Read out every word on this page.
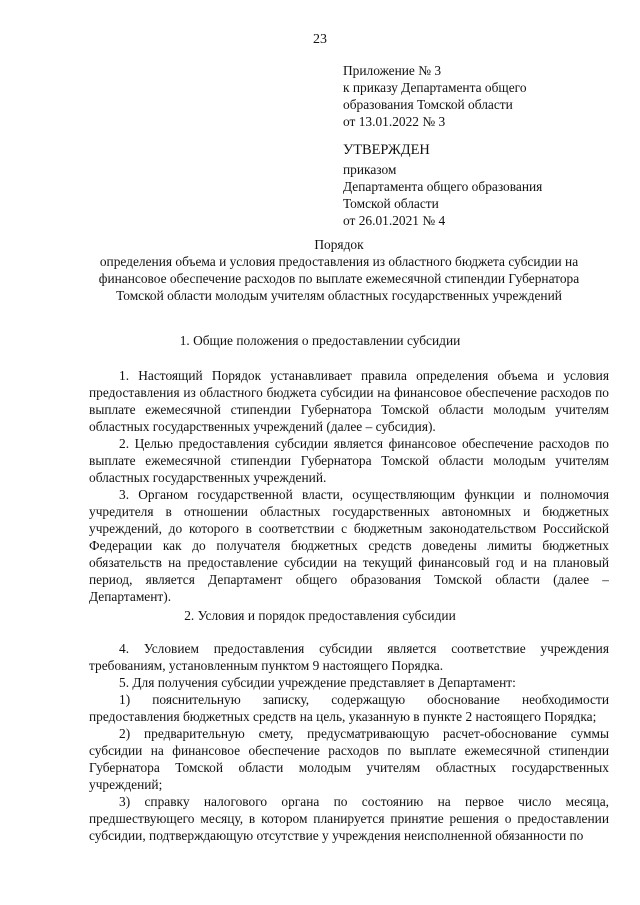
23

Приложение № 3

к приказу Департамента общего

образования Томской области

от 13.01.2022 № 3

УТВЕРЖДЕН

приказом

Департамента общего образования

Томской области

от 26.01.2021 № 4

Порядок

определения объема и условия предоставления из областного бюджета субсидии на

финансовое обеспечение расходов по выплате ежемесячной стипендии Губернатора

Томской области молодым учителям областных государственных учреждений

1. Общие положения о предоставлении субсидии

1. Настоящий Порядок устанавливает правила определения объема и условия предоставления из областного бюджета субсидии на финансовое обеспечение расходов по выплате ежемесячной стипендии Губернатора Томской области молодым учителям областных государственных учреждений (далее – субсидия).

2. Целью предоставления субсидии является финансовое обеспечение расходов по выплате ежемесячной стипендии Губернатора Томской области молодым учителям областных государственных учреждений.

3. Органом государственной власти, осуществляющим функции и полномочия учредителя в отношении областных государственных автономных и бюджетных учреждений, до которого в соответствии с бюджетным законодательством Российской Федерации как до получателя бюджетных средств доведены лимиты бюджетных обязательств на предоставление субсидии на текущий финансовый год и на плановый период, является Департамент общего образования Томской области (далее – Департамент).

2. Условия и порядок предоставления субсидии

4. Условием предоставления субсидии является соответствие учреждения требованиям, установленным пунктом 9 настоящего Порядка.

5. Для получения субсидии учреждение представляет в Департамент:

1) пояснительную записку, содержащую обоснование необходимости предоставления бюджетных средств на цель, указанную в пункте 2 настоящего Порядка;

2) предварительную смету, предусматривающую расчет-обоснование суммы субсидии на финансовое обеспечение расходов по выплате ежемесячной стипендии Губернатора Томской области молодым учителям областных государственных учреждений;

3) справку налогового органа по состоянию на первое число месяца, предшествующего месяцу, в котором планируется принятие решения о предоставлении субсидии, подтверждающую отсутствие у учреждения неисполненной обязанности по
